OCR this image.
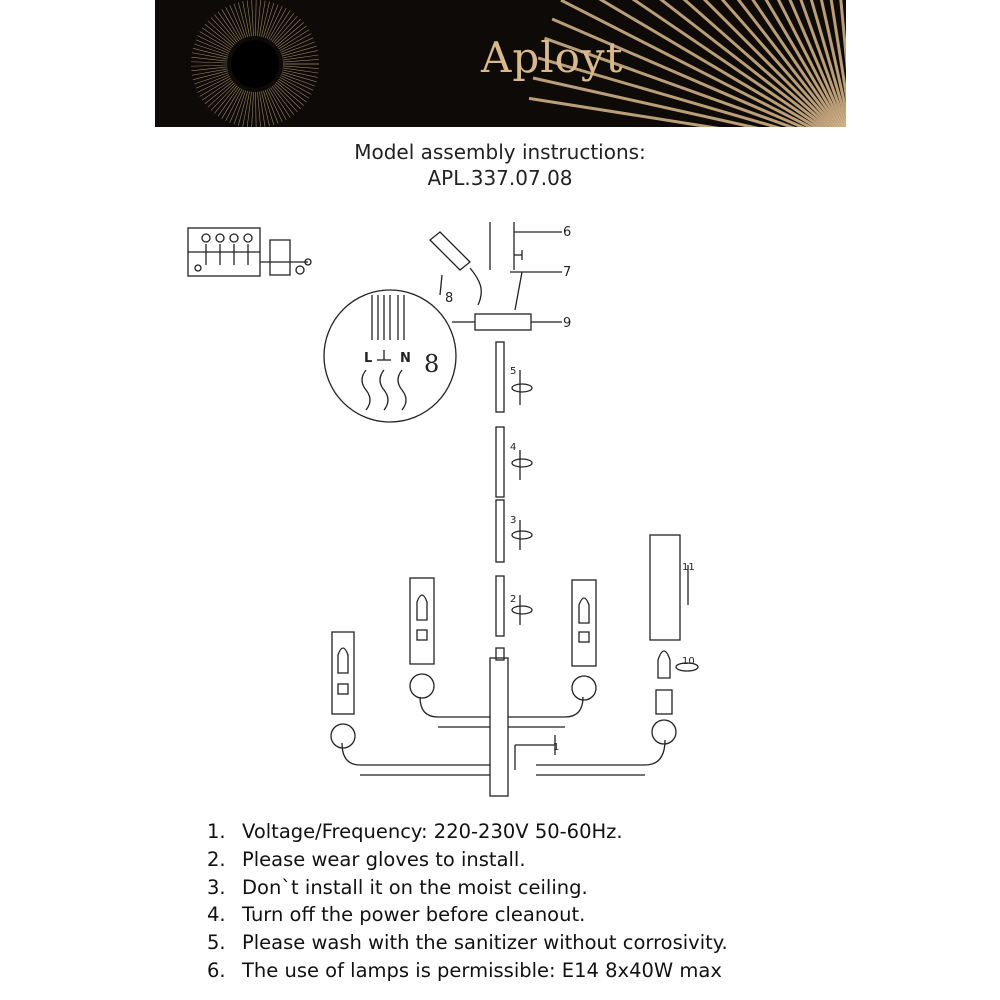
Aployt
Model assembly instructions:
APL.337.07.08
6
7
8
9
5
4
3
2
11
10
1
L N 8
1. Voltage/Frequency: 220-230V 50-60Hz.
2. Please wear gloves to install.
3. Don`t install it on the moist ceiling.
4. Turn off the power before cleanout.
5. Please wash with the sanitizer without corrosivity.
6. The use of lamps is permissible: E14 8x40W max
